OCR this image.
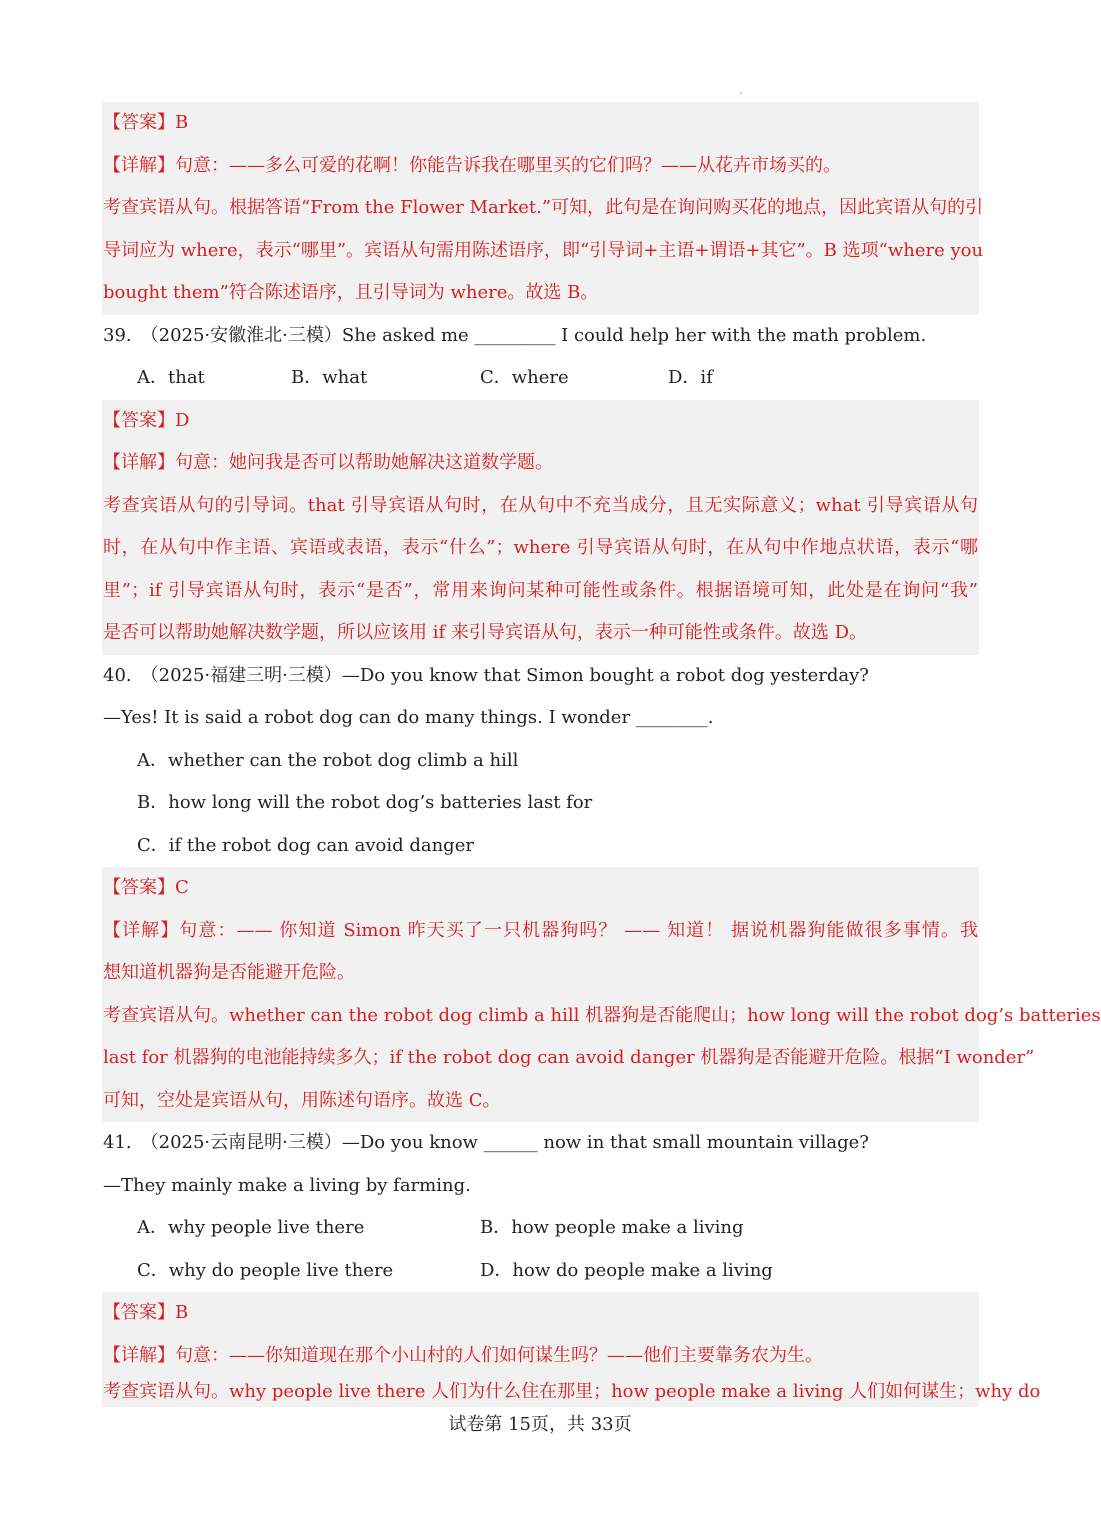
【答案】B
【详解】句意：——多么可爱的花啊！你能告诉我在哪里买的它们吗？——从花卉市场买的。
考查宾语从句。根据答语“From the Flower Market.”可知，此句是在询问购买花的地点，因此宾语从句的引
导词应为 where，表示“哪里”。宾语从句需用陈述语序，即“引导词+主语+谓语+其它”。B 选项“where you
bought them”符合陈述语序，且引导词为 where。故选 B。
39.　（2025·安徽淮北·三模）She asked me _________ I could help her with the math problem.
A．that	B．what	C．where	D．if
【答案】D
【详解】句意：她问我是否可以帮助她解决这道数学题。
考查宾语从句的引导词。that 引导宾语从句时，在从句中不充当成分，且无实际意义；what 引导宾语从句
时，在从句中作主语、宾语或表语，表示“什么”；where 引导宾语从句时，在从句中作地点状语，表示“哪
里”；if 引导宾语从句时，表示“是否”，常用来询问某种可能性或条件。根据语境可知，此处是在询问“我”
是否可以帮助她解决数学题，所以应该用 if 来引导宾语从句，表示一种可能性或条件。故选 D。
40.　（2025·福建三明·三模）—Do you know that Simon bought a robot dog yesterday?
—Yes! It is said a robot dog can do many things. I wonder ________.
A．whether can the robot dog climb a hill
B．how long will the robot dog’s batteries last for
C．if the robot dog can avoid danger
【答案】C
【详解】句意：—— 你知道 Simon 昨天买了一只机器狗吗？ —— 知道！ 据说机器狗能做很多事情。我
想知道机器狗是否能避开危险。
考查宾语从句。whether can the robot dog climb a hill 机器狗是否能爬山；how long will the robot dog’s batteries
last for 机器狗的电池能持续多久；if the robot dog can avoid danger 机器狗是否能避开危险。根据“I wonder”
可知，空处是宾语从句，用陈述句语序。故选 C。
41.　（2025·云南昆明·三模）—Do you know ______ now in that small mountain village?
—They mainly make a living by farming.
A．why people live there	B．how people make a living
C．why do people live there	D．how do people make a living
【答案】B
【详解】句意：——你知道现在那个小山村的人们如何谋生吗？——他们主要靠务农为生。
考查宾语从句。why people live there 人们为什么住在那里；how people make a living 人们如何谋生；why do
试卷第 15页，共 33页
